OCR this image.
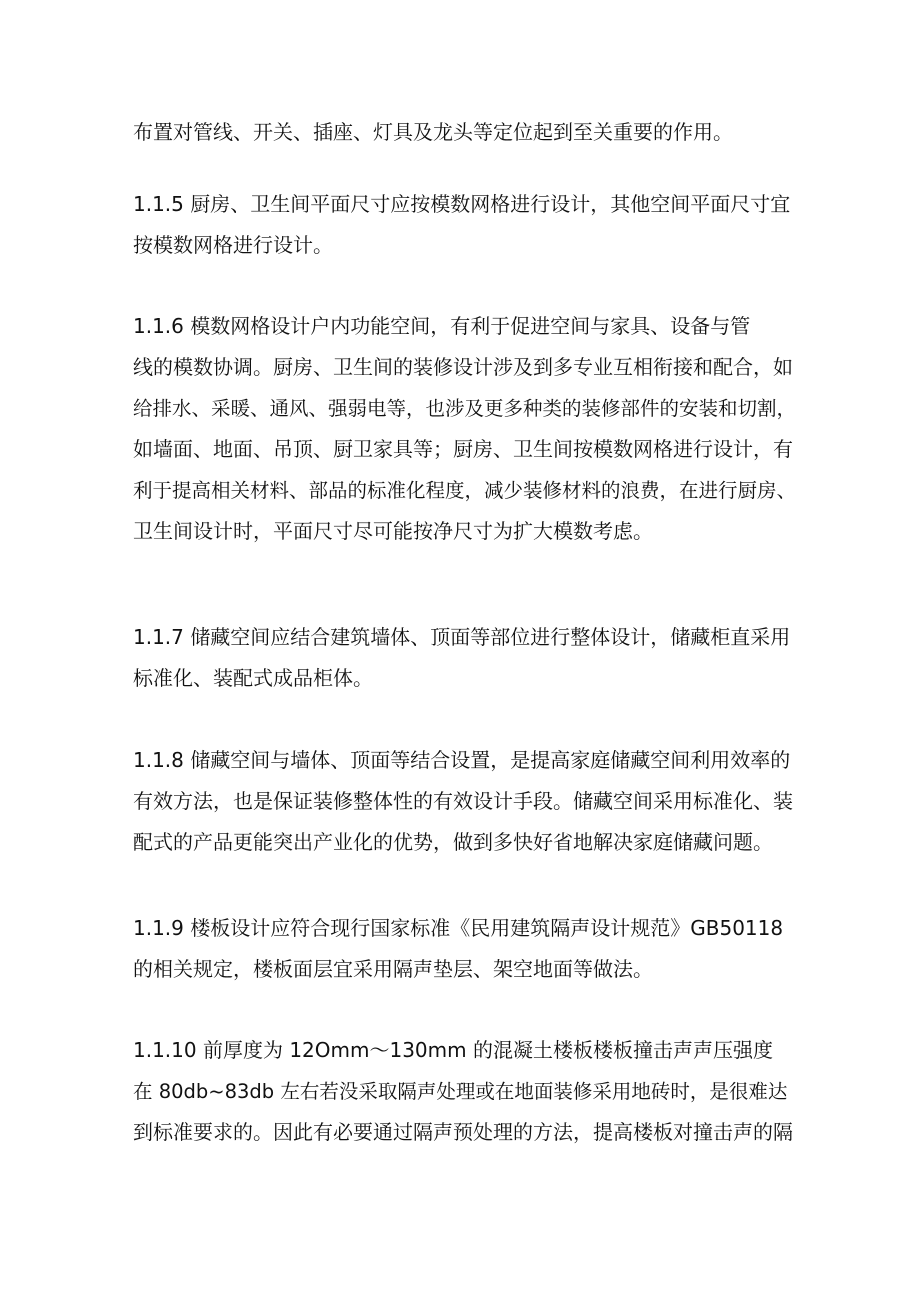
布置对管线、开关、插座、灯具及龙头等定位起到至关重要的作用。

1.1.5 厨房、卫生间平面尺寸应按模数网格进行设计，其他空间平面尺寸宜
按模数网格进行设计。

1.1.6 模数网格设计户内功能空间，有利于促进空间与家具、设备与管
线的模数协调。厨房、卫生间的装修设计涉及到多专业互相衔接和配合，如
给排水、采暖、通风、强弱电等，也涉及更多种类的装修部件的安装和切割，
如墙面、地面、吊顶、厨卫家具等；厨房、卫生间按模数网格进行设计，有
利于提高相关材料、部品的标准化程度，减少装修材料的浪费，在进行厨房、
卫生间设计时，平面尺寸尽可能按净尺寸为扩大模数考虑。

1.1.7 储藏空间应结合建筑墙体、顶面等部位进行整体设计，储藏柜直采用
标准化、装配式成品柜体。

1.1.8 储藏空间与墙体、顶面等结合设置，是提高家庭储藏空间利用效率的
有效方法，也是保证装修整体性的有效设计手段。储藏空间采用标准化、装
配式的产品更能突出产业化的优势，做到多快好省地解决家庭储藏问题。

1.1.9 楼板设计应符合现行国家标准《民用建筑隔声设计规范》GB50118
的相关规定，楼板面层宜采用隔声垫层、架空地面等做法。

1.1.10 前厚度为 12Omm～130mm 的混凝土楼板楼板撞击声声压强度
在 80db~83db 左右若没采取隔声处理或在地面装修采用地砖时，是很难达
到标准要求的。因此有必要通过隔声预处理的方法，提高楼板对撞击声的隔
